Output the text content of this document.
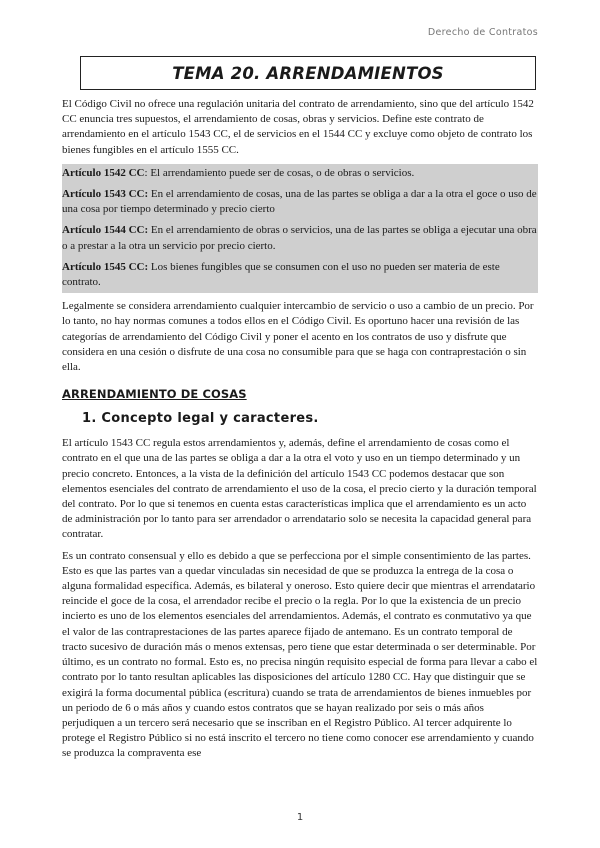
Derecho de Contratos
TEMA 20. ARRENDAMIENTOS

El Código Civil no ofrece una regulación unitaria del contrato de arrendamiento, sino que del artículo 1542 CC enuncia tres supuestos, el arrendamiento de cosas, obras y servicios. Define este contrato de arrendamiento en el artículo 1543 CC, el de servicios en el 1544 CC y excluye como objeto de contrato los bienes fungibles en el artículo 1555 CC.

Artículo 1542 CC: El arrendamiento puede ser de cosas, o de obras o servicios.

Artículo 1543 CC: En el arrendamiento de cosas, una de las partes se obliga a dar a la otra el goce o uso de una cosa por tiempo determinado y precio cierto

Artículo 1544 CC: En el arrendamiento de obras o servicios, una de las partes se obliga a ejecutar una obra o a prestar a la otra un servicio por precio cierto.

Artículo 1545 CC: Los bienes fungibles que se consumen con el uso no pueden ser materia de este contrato.

Legalmente se considera arrendamiento cualquier intercambio de servicio o uso a cambio de un precio. Por lo tanto, no hay normas comunes a todos ellos en el Código Civil. Es oportuno hacer una revisión de las categorías de arrendamiento del Código Civil y poner el acento en los contratos de uso y disfrute que considera en una cesión o disfrute de una cosa no consumible para que se haga con contraprestación o sin ella.

ARRENDAMIENTO DE COSAS
1. Concepto legal y caracteres.

El artículo 1543 CC regula estos arrendamientos y, además, define el arrendamiento de cosas como el contrato en el que una de las partes se obliga a dar a la otra el voto y uso en un tiempo determinado y un precio concreto. Entonces, a la vista de la definición del artículo 1543 CC podemos destacar que son elementos esenciales del contrato de arrendamiento el uso de la cosa, el precio cierto y la duración temporal del contrato. Por lo que si tenemos en cuenta estas características implica que el arrendamiento es un acto de administración por lo tanto para ser arrendador o arrendatario solo se necesita la capacidad general para contratar.

Es un contrato consensual y ello es debido a que se perfecciona por el simple consentimiento de las partes. Esto es que las partes van a quedar vinculadas sin necesidad de que se produzca la entrega de la cosa o alguna formalidad específica. Además, es bilateral y oneroso. Esto quiere decir que mientras el arrendatario reincide el goce de la cosa, el arrendador recibe el precio o la regla. Por lo que la existencia de un precio incierto es uno de los elementos esenciales del arrendamientos. Además, el contrato es conmutativo ya que el valor de las contraprestaciones de las partes aparece fijado de antemano. Es un contrato temporal de tracto sucesivo de duración más o menos extensas, pero tiene que estar determinada o ser determinable. Por último, es un contrato no formal. Esto es, no precisa ningún requisito especial de forma para llevar a cabo el contrato por lo tanto resultan aplicables las disposiciones del artículo 1280 CC. Hay que distinguir que se exigirá la forma documental pública (escritura) cuando se trata de arrendamientos de bienes inmuebles por un periodo de 6 o más años y cuando estos contratos que se hayan realizado por seis o más años perjudiquen a un tercero será necesario que se inscriban en el Registro Público. Al tercer adquirente lo protege el Registro Público si no está inscrito el tercero no tiene como conocer ese arrendamiento y cuando se produzca la compraventa ese

1
